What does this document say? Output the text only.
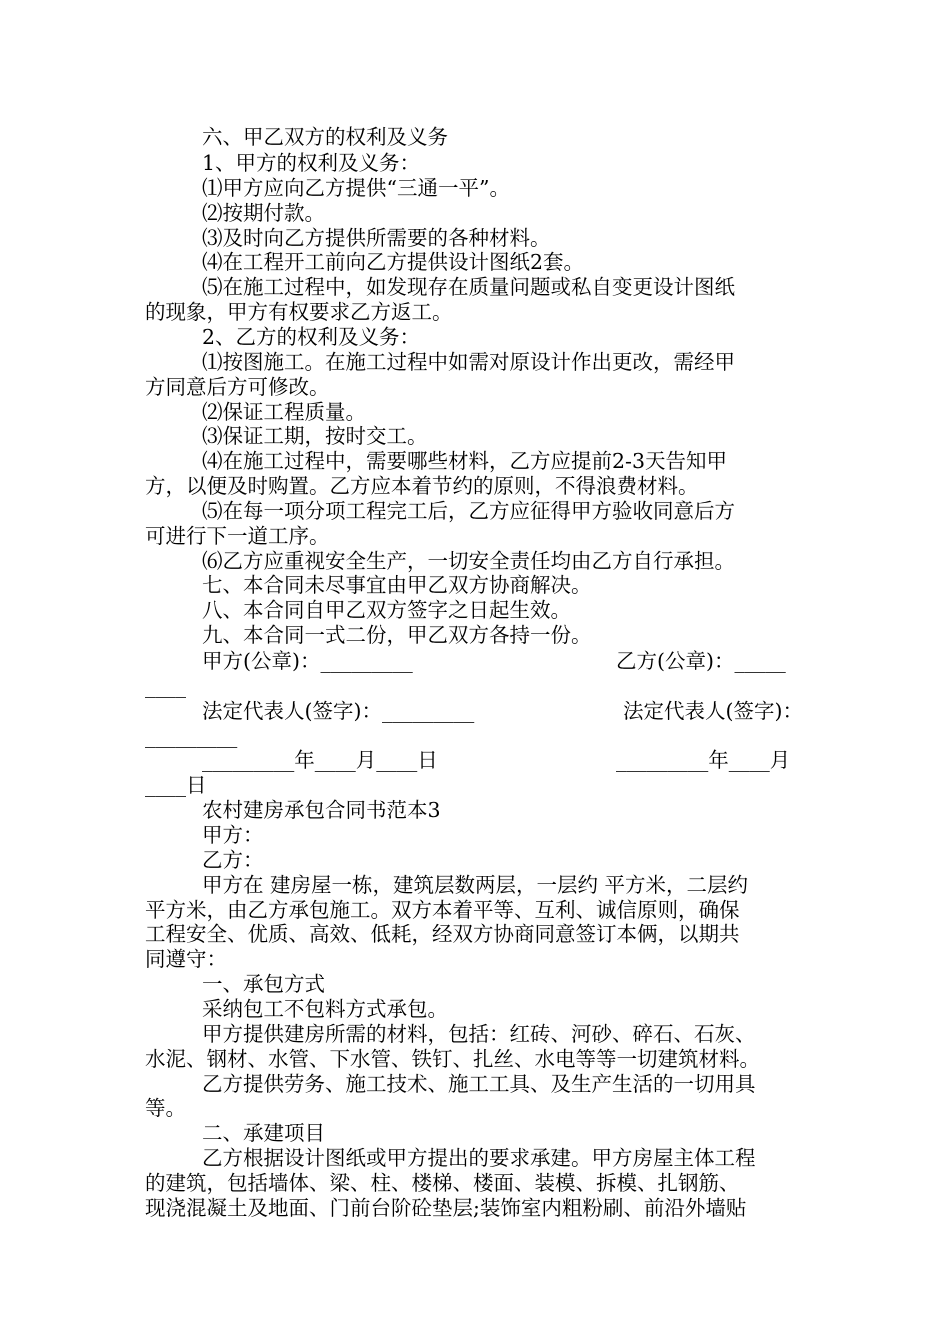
六、甲乙双方的权利及义务
1、甲方的权利及义务：
⑴甲方应向乙方提供“三通一平”。
⑵按期付款。
⑶及时向乙方提供所需要的各种材料。
⑷在工程开工前向乙方提供设计图纸2套。
⑸在施工过程中，如发现存在质量问题或私自变更设计图纸
的现象，甲方有权要求乙方返工。
2、乙方的权利及义务：
⑴按图施工。在施工过程中如需对原设计作出更改，需经甲
方同意后方可修改。
⑵保证工程质量。
⑶保证工期，按时交工。
⑷在施工过程中，需要哪些材料，乙方应提前2-3天告知甲
方，以便及时购置。乙方应本着节约的原则，不得浪费材料。
⑸在每一项分项工程完工后，乙方应征得甲方验收同意后方
可进行下一道工序。
⑹乙方应重视安全生产，一切安全责任均由乙方自行承担。
七、本合同未尽事宜由甲乙双方协商解决。
八、本合同自甲乙双方签字之日起生效。
九、本合同一式二份，甲乙双方各持一份。
甲方(公章)：_________	乙方(公章)：_____
____
法定代表人(签字)：_________	法定代表人(签字)：
_________
_________年____月____日	_________年____月
____日
农村建房承包合同书范本3
甲方：
乙方：
甲方在 建房屋一栋，建筑层数两层，一层约 平方米，二层约
平方米，由乙方承包施工。双方本着平等、互利、诚信原则，确保
工程安全、优质、高效、低耗，经双方协商同意签订本俩，以期共
同遵守：
一、承包方式
采纳包工不包料方式承包。
甲方提供建房所需的材料，包括：红砖、河砂、碎石、石灰、
水泥、钢材、水管、下水管、铁钉、扎丝、水电等等一切建筑材料。
乙方提供劳务、施工技术、施工工具、及生产生活的一切用具
等。
二、承建项目
乙方根据设计图纸或甲方提出的要求承建。甲方房屋主体工程
的建筑，包括墙体、梁、柱、楼梯、楼面、装模、拆模、扎钢筋、
现浇混凝土及地面、门前台阶砼垫层;装饰室内粗粉刷、前沿外墙贴
